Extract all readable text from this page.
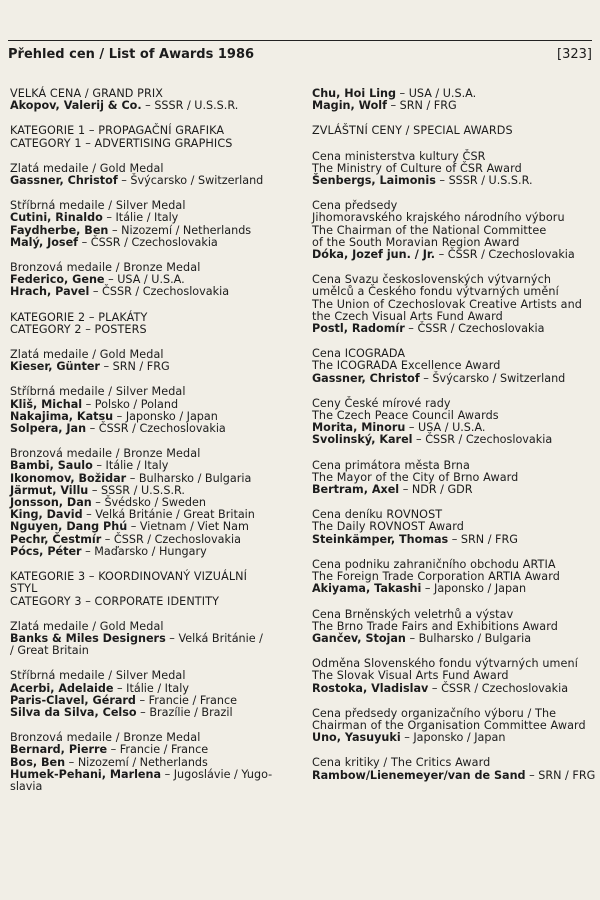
Přehled cen / List of Awards 1986	[323]
VELKÁ CENA / GRAND PRIX
Akopov, Valerij & Co. – SSSR / U.S.S.R.
KATEGORIE 1 – PROPAGAČNÍ GRAFIKA
CATEGORY 1 – ADVERTISING GRAPHICS
Zlatá medaile / Gold Medal
Gassner, Christof – Švýcarsko / Switzerland
Stříbrná medaile / Silver Medal
Cutini, Rinaldo – Itálie / Italy
Faydherbe, Ben – Nizozemí / Netherlands
Malý, Josef – ČSSR / Czechoslovakia
Bronzová medaile / Bronze Medal
Federico, Gene – USA / U.S.A.
Hrach, Pavel – ČSSR / Czechoslovakia
KATEGORIE 2 – PLAKÁTY
CATEGORY 2 – POSTERS
Zlatá medaile / Gold Medal
Kieser, Günter – SRN / FRG
Stříbrná medaile / Silver Medal
Kliš, Michal – Polsko / Poland
Nakajima, Katsu – Japonsko / Japan
Solpera, Jan – ČSSR / Czechoslovakia
Bronzová medaile / Bronze Medal
Bambi, Saulo – Itálie / Italy
Ikonomov, Božidar – Bulharsko / Bulgaria
Järmut, Villu – SSSR / U.S.S.R.
Jonsson, Dan – Švédsko / Sweden
King, David – Velká Británie / Great Britain
Nguyen, Dang Phú – Vietnam / Viet Nam
Pechr, Čestmír – ČSSR / Czechoslovakia
Pócs, Péter – Maďarsko / Hungary
KATEGORIE 3 – KOORDINOVANÝ VIZUÁLNÍ
STYL
CATEGORY 3 – CORPORATE IDENTITY
Zlatá medaile / Gold Medal
Banks & Miles Designers – Velká Británie /
/ Great Britain
Stříbrná medaile / Silver Medal
Acerbi, Adelaide – Itálie / Italy
Paris-Clavel, Gérard – Francie / France
Silva da Silva, Celso – Brazílie / Brazil
Bronzová medaile / Bronze Medal
Bernard, Pierre – Francie / France
Bos, Ben – Nizozemí / Netherlands
Humek-Pehani, Marlena – Jugoslávie / Yugo-
slavia
Chu, Hoi Ling – USA / U.S.A.
Magin, Wolf – SRN / FRG
ZVLÁŠTNÍ CENY / SPECIAL AWARDS
Cena ministerstva kultury ČSR
The Ministry of Culture of ČSR Award
Šenbergs, Laimonis – SSSR / U.S.S.R.
Cena předsedy
Jihomoravského krajského národního výboru
The Chairman of the National Committee
of the South Moravian Region Award
Dóka, Jozef jun. / Jr. – ČSSR / Czechoslovakia
Cena Svazu československých výtvarných
umělců a Českého fondu výtvarných umění
The Union of Czechoslovak Creative Artists and
the Czech Visual Arts Fund Award
Postl, Radomír – ČSSR / Czechoslovakia
Cena ICOGRADA
The ICOGRADA Excellence Award
Gassner, Christof – Švýcarsko / Switzerland
Ceny České mírové rady
The Czech Peace Council Awards
Morita, Minoru – USA / U.S.A.
Svolinský, Karel – ČSSR / Czechoslovakia
Cena primátora města Brna
The Mayor of the City of Brno Award
Bertram, Axel – NDR / GDR
Cena deníku ROVNOST
The Daily ROVNOST Award
Steinkämper, Thomas – SRN / FRG
Cena podniku zahraničního obchodu ARTIA
The Foreign Trade Corporation ARTIA Award
Akiyama, Takashi – Japonsko / Japan
Cena Brněnských veletrhů a výstav
The Brno Trade Fairs and Exhibitions Award
Gančev, Stojan – Bulharsko / Bulgaria
Odměna Slovenského fondu výtvarných umení
The Slovak Visual Arts Fund Award
Rostoka, Vladislav – ČSSR / Czechoslovakia
Cena předsedy organizačního výboru / The
Chairman of the Organisation Committee Award
Uno, Yasuyuki – Japonsko / Japan
Cena kritiky / The Critics Award
Rambow/Lienemeyer/van de Sand – SRN / FRG
